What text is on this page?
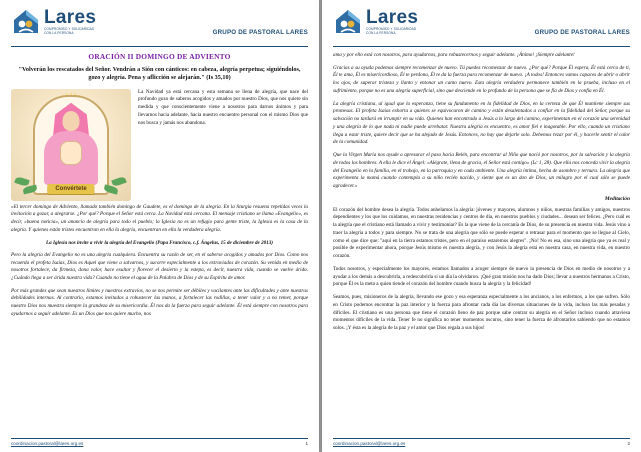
Lares
COMPROMISO Y SOLIDARIDAD
CON LA PERSONA	GRUPO DE PASTORAL LARES
ORACIÓN II DOMINGO DE ADVIENTO
"Volverán los rescatados del Señor. Vendrán a Sión con cánticos: en cabeza, alegría perpetua; siguiéndolos, gozo y alegría. Pena y aflicción se alejarán." (Is 35,10)
Convértete

La Navidad ya está cercana y esta semana se llena de alegría, que nace del profundo gozo de saberos acogidos y amados por nuestro Dios, que nos quiere sin medida y que conscientemente viene a nosotros para darnos ánimos y para llevarnos hacia adelante, hacia nuestro encuentro personal con el mismo Dios que nos busca y jamás nos abandona.

«El tercer domingo de Adviento, llamado también domingo de Gaudete, es el domingo de la alegría. En la liturgia resuena repetidas veces la invitación a gozar, a alegrarse. ¿Por qué? Porque el Señor está cerca. La Navidad está cercana. El mensaje cristiano se llama «Evangelio», es decir, «buena noticia», un anuncio de alegría para todo el pueblo; la Iglesia no es un refugio para gente triste, la Iglesia es la casa de la alegría. Y quienes están tristes encuentran en ella la alegría, encuentran en ella la verdadera alegría.

La Iglesia nos invite a vivir la alegría del Evangelio (Papa Francisco, c.f. Ángelus, 15 de diciembre de 2013)

Pero la alegría del Evangelio no es una alegría cualquiera. Encuentra su razón de ser, en el saberse acogidos y amados por Dios. Como nos recuerda el profeta Isaías, Dios es Aquel que viene a salvarnos, y sucorre especialmente a los extraviados de corazón. Su venida en medio de nosotros fortalece, da firmeza, dona valor, hace exultar y florecer el desierto y la estepa, es decir, nuestra vida, cuando se vuelve árida. ¿Cuándo llega a ser árida nuestra vida? Cuando no tiene el agua de la Palabra de Dios y de su Espíritu de amor.

Por más grandes que sean nuestros límites y nuestros extravíos, no se nos permite ser débiles y vacilantes ante las dificultades y ante nuestras debilidades internas. Al contrario, estamos invitados a robustecer las manos, a fortalecer las rodillas, a tener valor y a no temer, porque nuestro Dios nos muestra siempre la grandeza de su misericordia. Él nos da la fuerza para seguir adelante. Él está siempre con nosotros para ayudarnos a seguir adelante. Es un Dios que nos quiere mucho, nos

coordinacion.pastoral@lares.org.es	1
Lares
COMPROMISO Y SOLIDARIDAD
CON LA PERSONA	GRUPO DE PASTORAL LARES

ama y por ello está con nosotros, para ayudarnos, para robustecernos y seguir adelante. ¡Ánimo! ¡Siempre adelante!

Gracias a su ayuda podemos siempre recomenzar de nuevo. Tú puedes recomenzar de nuevo. ¿Por qué? Porque Él espera, Él está cerca de ti, Él te ama, Él es misericordioso, Él te perdona, Él te da la fuerza para recomenzar de nuevo. ¡A todos! Entonces vamos capaces de abrir o abrir los ojos, de superar tristeza y llanto y entonar un canto nuevo. Esta alegría verdadera permanece también en la prueba, incluso en el sufrimiento, porque no es una alegría superficial, sino que desciende en lo profundo de la persona que se fía de Dios y confía en Él.

La alegría cristiana, al igual que la esperanza, tiene su fundamento en la fidelidad de Dios, en la certeza de que Él mantiene siempre sus promesas. El profeta Isaías exhorta a quienes se equivocaron de camino y están desalentados a confiar en la fidelidad del Señor, porque su salvación no tardará en irrumpir en su vida. Quienes han encontrado a Jesús a lo largo del camino, experimentan en el corazón una serenidad y una alegría de lo que nada ni nadie puede arrebatar. Nuestra alegría es encuentro, es amor fiel e inagotable. Por ello, cuando un cristiano llega a estar triste, quiere decir que se ha alejado de Jesús. Entonces, no hay que dejarle solo. Debemos rezar por él, y hacerle sentir el calor de la comunidad.

Que la Virgen María nos ayude a apresurar el paso hacia Belén, para encontrar al Niño que nació por nosotros, por la salvación y la alegría de todos los hombres. A ella le dice el Ángel: «Alégrate, llena de gracia, el Señor está contigo» (Lc 1, 28). Que ella nos conceda vivir la alegría del Evangelio en la familia, en el trabajo, en la parroquia y en cada ambiente. Una alegría íntima, hecha de asombro y ternura. La alegría que experimenta la mamá cuando contempla a su niño recién nacido, y siente que es un don de Dios, un milagro por el cual sólo se puede agradecer.»

Meditación

El corazón del hombre desea la alegría. Todos anhelamos la alegría: jóvenes y mayores, alumnos y niños, nuestras familias y amigos, nuestros dependientes y los que los cuidamos, en nuestras residencias y centros de día, en nuestros pueblos y ciudades... desean ser felices. ¿Pero cuál es la alegría que el cristiano está llamado a vivir y testimoniar? Es la que viene de la cercanía de Dios, de su presencia en nuestra vida. Jesús vino a traer la alegría a todos y para siempre. No se trata de una alegría que sólo se puede esperar o retrasar para el momento que se llegue al Cielo, como el que dice que: "aquí en la tierra estamos tristes, pero en el paraíso estaremos alegres". ¡No! No es esa, sino una alegría que ya es real y posible de experimentar ahora, porque Jesús mismo es nuestra alegría, y con Jesús la alegría está en nuestra casa, en nuestra vida, en nuestro corazón.

Todos nosotros, y especialmente los mayores, estamos llamados a acoger siempre de nuevo la presencia de Dios en medio de nosotros y a ayudar a los demás a descubrirla, a redescubrirla si un día la olvidaron. ¡Qué gran misión nos ha dado Dios; llevar a nuestros hermanos a Cristo, porque Él es la meta a quien tiende el corazón del hombre cuando busca la alegría y la felicidad!

Seamos, pues, misioneros de la alegría, llevando ese gozo y esa esperanza especialmente a los ancianos, a los enfermos, a los que sufren. Sólo en Cristo podemos encontrar la paz interior y la fuerza para afrontar cada día las diversas situaciones de la vida, incluso las más pesadas y difíciles. El cristiano es una persona que tiene el corazón lleno de paz porque sabe centrar su alegría en el Señor incluso cuando atraviesa momentos difíciles de la vida. Tener fe no significa no tener momentos oscuros, sino tener la fuerza de afrontarlos sabiendo que no estamos solos. ¡Y ésta es la alegría de la paz y el amor que Dios regala a sus hijos!

coordinacion.pastoral@lares.org.es	2
